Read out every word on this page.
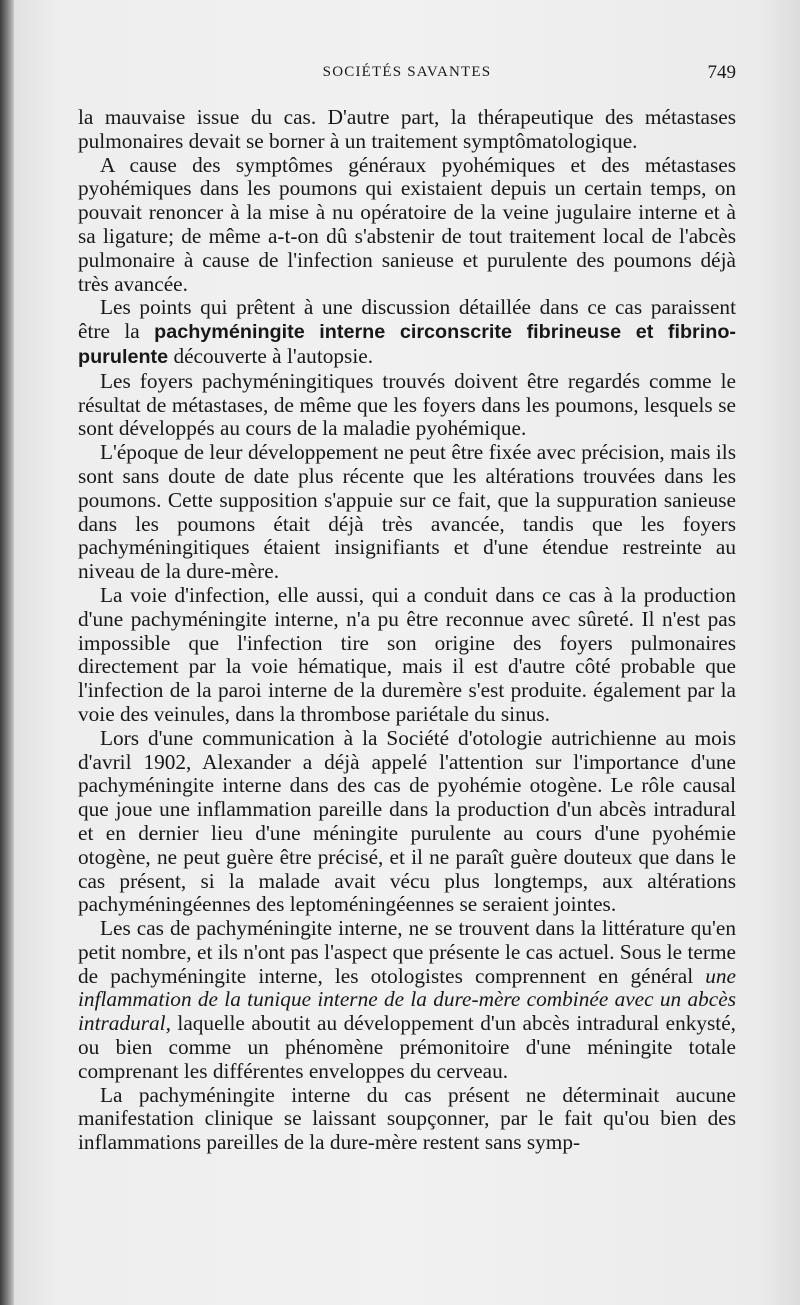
SOCIÉTÉS SAVANTES	749

la mauvaise issue du cas. D'autre part, la thérapeutique des métastases pulmonaires devait se borner à un traitement symptômatologique.

A cause des symptômes généraux pyohémiques et des métastases pyohémiques dans les poumons qui existaient depuis un certain temps, on pouvait renoncer à la mise à nu opératoire de la veine jugulaire interne et à sa ligature; de même a-t-on dû s'abstenir de tout traitement local de l'abcès pulmonaire à cause de l'infection sanieuse et purulente des poumons déjà très avancée.

Les points qui prêtent à une discussion détaillée dans ce cas paraissent être la pachyméningite interne circonscrite fibrineuse et fibrino-purulente découverte à l'autopsie.

Les foyers pachyméningitiques trouvés doivent être regardés comme le résultat de métastases, de même que les foyers dans les poumons, lesquels se sont développés au cours de la maladie pyohémique.

L'époque de leur développement ne peut être fixée avec précision, mais ils sont sans doute de date plus récente que les altérations trouvées dans les poumons. Cette supposition s'appuie sur ce fait, que la suppuration sanieuse dans les poumons était déjà très avancée, tandis que les foyers pachyméningitiques étaient insignifiants et d'une étendue restreinte au niveau de la dure-mère.

La voie d'infection, elle aussi, qui a conduit dans ce cas à la production d'une pachyméningite interne, n'a pu être reconnue avec sûreté. Il n'est pas impossible que l'infection tire son origine des foyers pulmonaires directement par la voie hématique, mais il est d'autre côté probable que l'infection de la paroi interne de la duremère s'est produite. également par la voie des veinules, dans la thrombose pariétale du sinus.

Lors d'une communication à la Société d'otologie autrichienne au mois d'avril 1902, Alexander a déjà appelé l'attention sur l'importance d'une pachyméningite interne dans des cas de pyohémie otogène. Le rôle causal que joue une inflammation pareille dans la production d'un abcès intradural et en dernier lieu d'une méningite purulente au cours d'une pyohémie otogène, ne peut guère être précisé, et il ne paraît guère douteux que dans le cas présent, si la malade avait vécu plus longtemps, aux altérations pachyméningéennes des leptoméningéennes se seraient jointes.

Les cas de pachyméningite interne, ne se trouvent dans la littérature qu'en petit nombre, et ils n'ont pas l'aspect que présente le cas actuel. Sous le terme de pachyméningite interne, les otologistes comprennent en général une inflammation de la tunique interne de la dure-mère combinée avec un abcès intradural, laquelle aboutit au développement d'un abcès intradural enkysté, ou bien comme un phénomène prémonitoire d'une méningite totale comprenant les différentes enveloppes du cerveau.

La pachyméningite interne du cas présent ne déterminait aucune manifestation clinique se laissant soupçonner, par le fait qu'ou bien des inflammations pareilles de la dure-mère restent sans symp-
